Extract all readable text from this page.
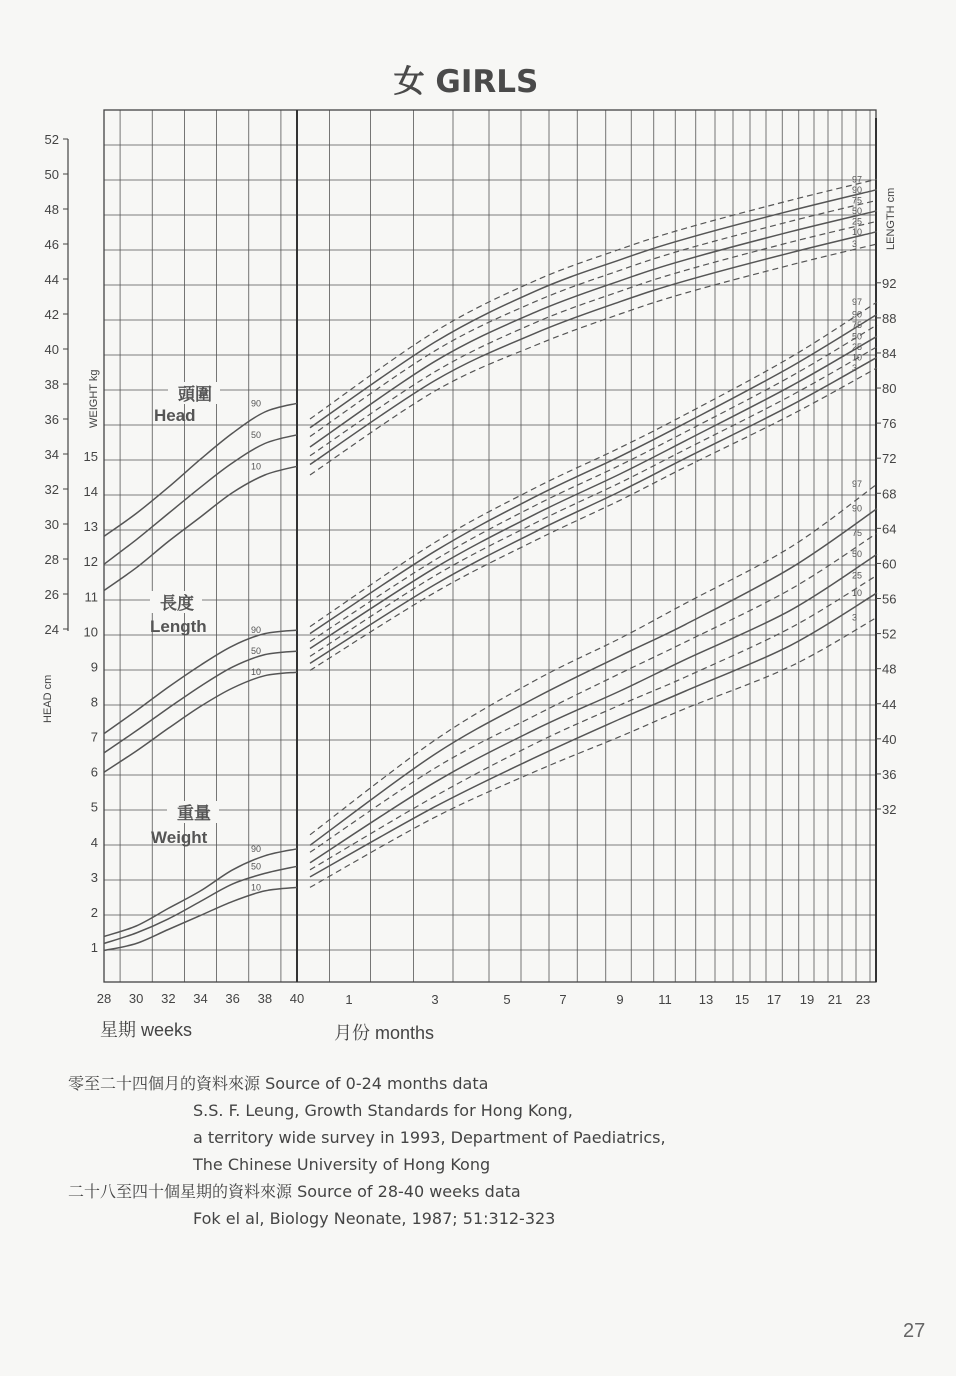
女 GIRLS
24
26
28
30
32
34
36
38
40
42
44
46
48
50
52
1
2
3
4
5
6
7
8
9
10
11
12
13
14
15
32
36
40
44
48
52
56
60
64
68
72
76
80
84
88
92
HEAD cm
WEIGHT kg
LENGTH cm
28 30 32 34 36 38 40	1	3	5	7	9	11 13 15 17 19 21 23
星期 weeks	月份 months
頭圍
Head
長度
Length
重量
Weight
90
50
10
90
50
10
90
50
10
97
90
75
50
25
10
3
97
90
75
50
25
10
3
97
90
75
50
25
10
3
零至二十四個月的資料來源 Source of 0-24 months data
S.S. F. Leung, Growth Standards for Hong Kong,
a territory wide survey in 1993, Department of Paediatrics,
The Chinese University of Hong Kong
二十八至四十個星期的資料來源 Source of 28-40 weeks data
Fok el al, Biology Neonate, 1987; 51:312-323
27
